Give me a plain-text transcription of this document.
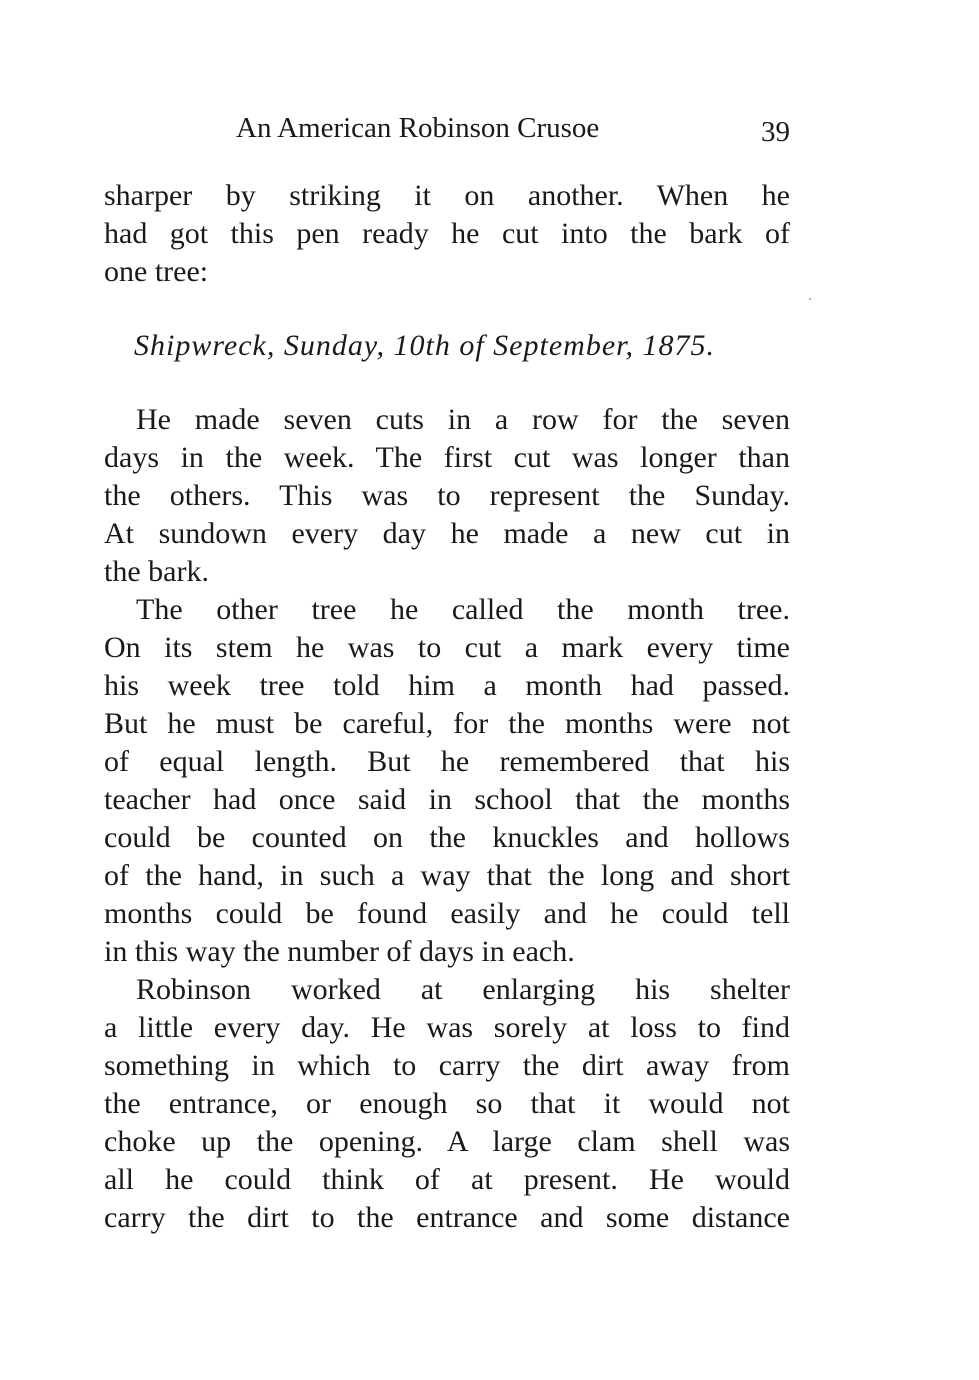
An American Robinson Crusoe	39
sharper by striking it on another. When he
had got this pen ready he cut into the bark of
one tree:
Shipwreck, Sunday, 10th of September, 1875.
He made seven cuts in a row for the seven
days in the week. The first cut was longer than
the others. This was to represent the Sunday.
At sundown every day he made a new cut in
the bark.
The other tree he called the month tree.
On its stem he was to cut a mark every time
his week tree told him a month had passed.
But he must be careful, for the months were not
of equal length. But he remembered that his
teacher had once said in school that the months
could be counted on the knuckles and hollows
of the hand, in such a way that the long and short
months could be found easily and he could tell
in this way the number of days in each.
Robinson worked at enlarging his shelter
a little every day. He was sorely at loss to find
something in which to carry the dirt away from
the entrance, or enough so that it would not
choke up the opening. A large clam shell was
all he could think of at present. He would
carry the dirt to the entrance and some distance
